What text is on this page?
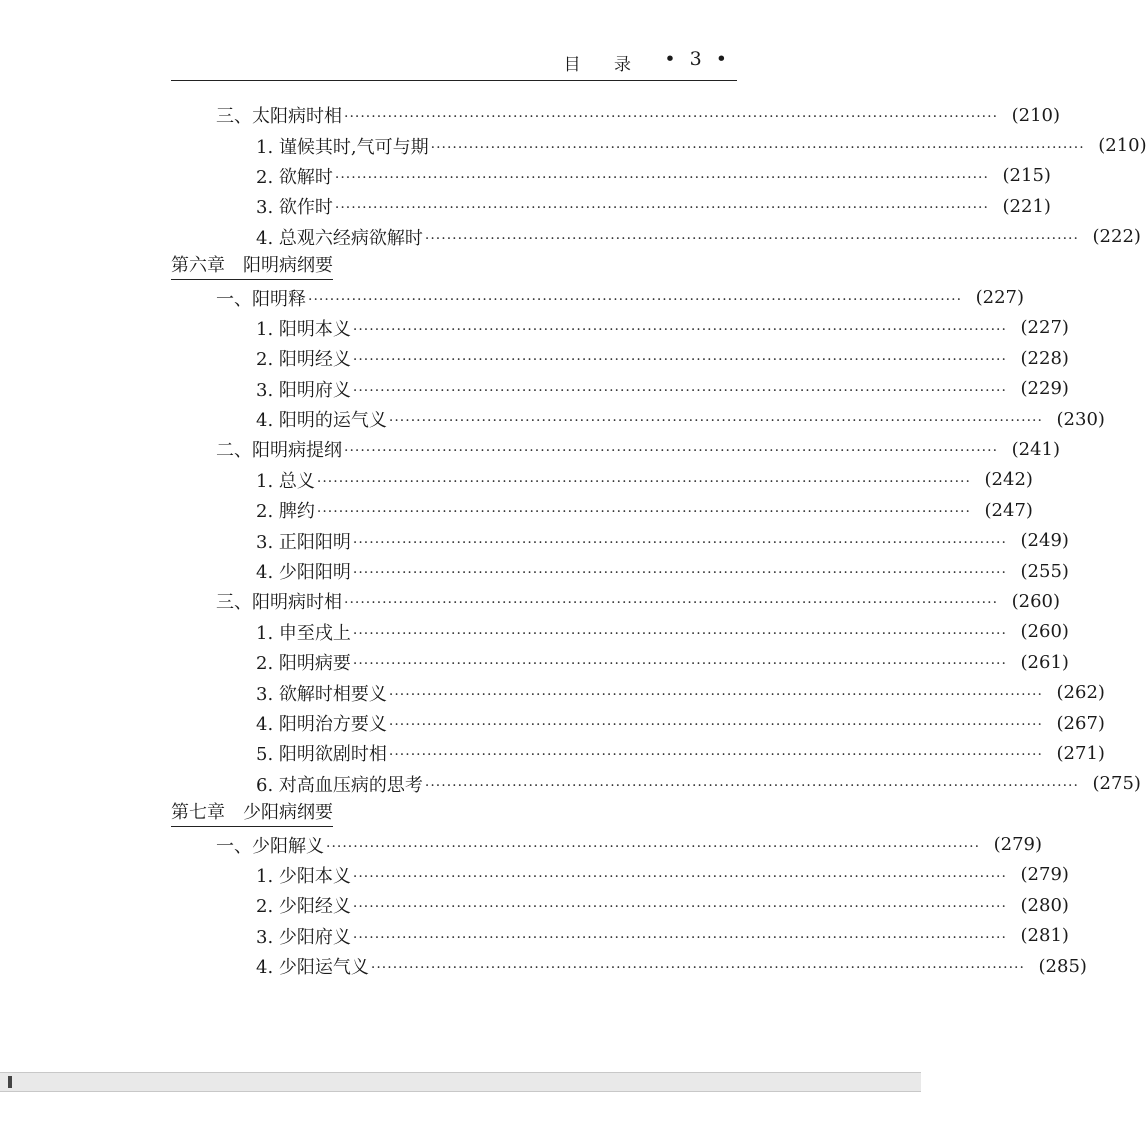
目 录 • 3 •
三、太阳病时相 ························································································································ (210)
1. 谨候其时,气可与期 ························································································································ (210)
2. 欲解时 ························································································································ (215)
3. 欲作时 ························································································································ (221)
4. 总观六经病欲解时 ························································································································ (222)
第六章 阳明病纲要
一、阳明释 ························································································································ (227)
1. 阳明本义 ························································································································ (227)
2. 阳明经义 ························································································································ (228)
3. 阳明府义 ························································································································ (229)
4. 阳明的运气义 ························································································································ (230)
二、阳明病提纲 ························································································································ (241)
1. 总义 ························································································································ (242)
2. 脾约 ························································································································ (247)
3. 正阳阳明 ························································································································ (249)
4. 少阳阳明 ························································································································ (255)
三、阳明病时相 ························································································································ (260)
1. 申至戌上 ························································································································ (260)
2. 阳明病要 ························································································································ (261)
3. 欲解时相要义 ························································································································ (262)
4. 阳明治方要义 ························································································································ (267)
5. 阳明欲剧时相 ························································································································ (271)
6. 对高血压病的思考 ························································································································ (275)
第七章 少阳病纲要
一、少阳解义 ························································································································ (279)
1. 少阳本义 ························································································································ (279)
2. 少阳经义 ························································································································ (280)
3. 少阳府义 ························································································································ (281)
4. 少阳运气义 ························································································································ (285)
